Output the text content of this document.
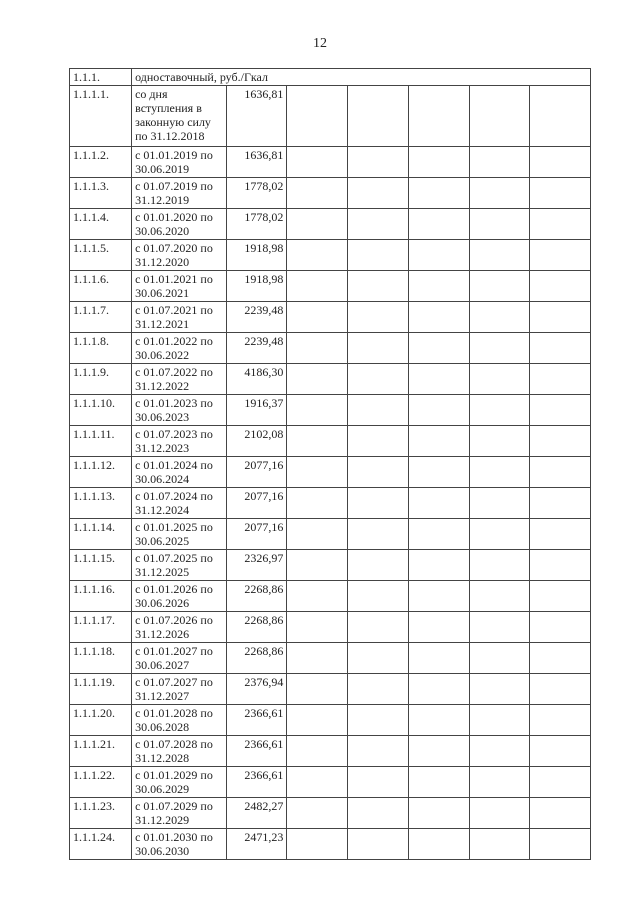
12
1.1.1.	одноставочный, руб./Гкал						
1.1.1.1.	со дня вступления в законную силу по 31.12.2018	1636,81					
1.1.1.2.	с 01.01.2019 по 30.06.2019	1636,81					
1.1.1.3.	с 01.07.2019 по 31.12.2019	1778,02					
1.1.1.4.	с 01.01.2020 по 30.06.2020	1778,02					
1.1.1.5.	с 01.07.2020 по 31.12.2020	1918,98					
1.1.1.6.	с 01.01.2021 по 30.06.2021	1918,98					
1.1.1.7.	с 01.07.2021 по 31.12.2021	2239,48					
1.1.1.8.	с 01.01.2022 по 30.06.2022	2239,48					
1.1.1.9.	с 01.07.2022 по 31.12.2022	4186,30					
1.1.1.10.	с 01.01.2023 по 30.06.2023	1916,37					
1.1.1.11.	с 01.07.2023 по 31.12.2023	2102,08					
1.1.1.12.	с 01.01.2024 по 30.06.2024	2077,16					
1.1.1.13.	с 01.07.2024 по 31.12.2024	2077,16					
1.1.1.14.	с 01.01.2025 по 30.06.2025	2077,16					
1.1.1.15.	с 01.07.2025 по 31.12.2025	2326,97					
1.1.1.16.	с 01.01.2026 по 30.06.2026	2268,86					
1.1.1.17.	с 01.07.2026 по 31.12.2026	2268,86					
1.1.1.18.	с 01.01.2027 по 30.06.2027	2268,86					
1.1.1.19.	с 01.07.2027 по 31.12.2027	2376,94					
1.1.1.20.	с 01.01.2028 по 30.06.2028	2366,61					
1.1.1.21.	с 01.07.2028 по 31.12.2028	2366,61					
1.1.1.22.	с 01.01.2029 по 30.06.2029	2366,61					
1.1.1.23.	с 01.07.2029 по 31.12.2029	2482,27					
1.1.1.24.	с 01.01.2030 по 30.06.2030	2471,23					
